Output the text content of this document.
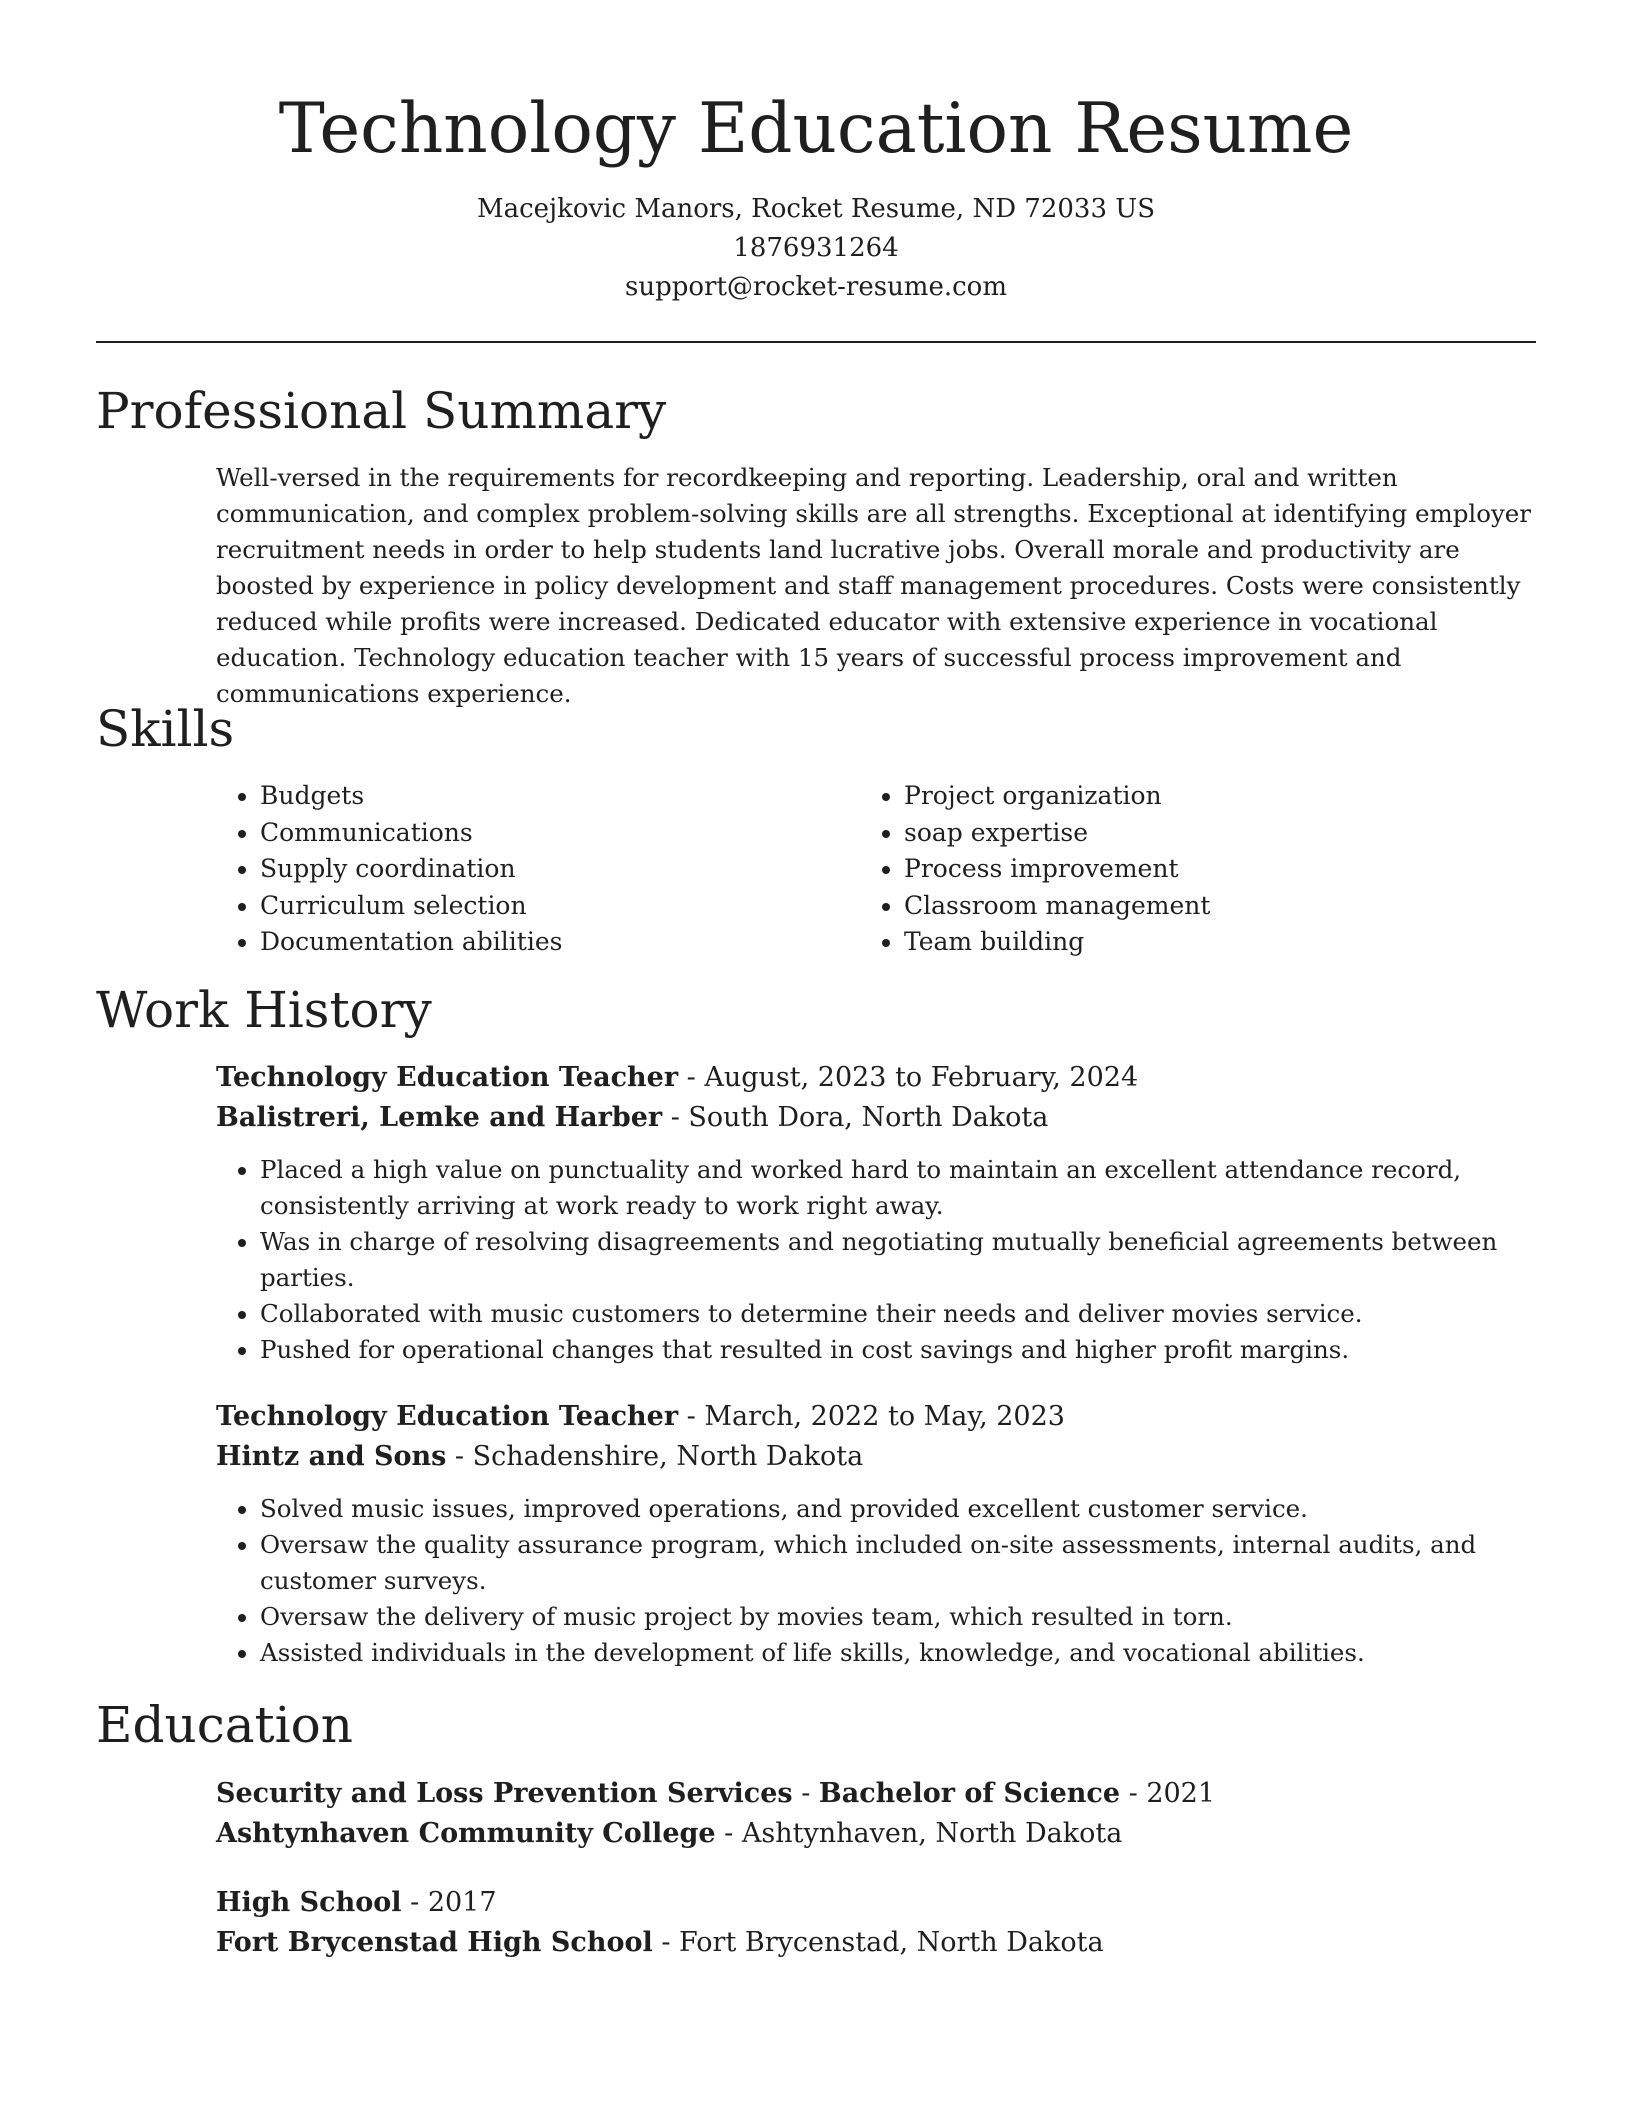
Technology Education Resume
Macejkovic Manors, Rocket Resume, ND 72033 US
1876931264
support@rocket-resume.com
Professional Summary

Well-versed in the requirements for recordkeeping and reporting. Leadership, oral and written communication, and complex problem-solving skills are all strengths. Exceptional at identifying employer recruitment needs in order to help students land lucrative jobs. Overall morale and productivity are boosted by experience in policy development and staff management procedures. Costs were consistently reduced while profits were increased. Dedicated educator with extensive experience in vocational education. Technology education teacher with 15 years of successful process improvement and communications experience.

Skills
• Budgets
• Communications
• Supply coordination
• Curriculum selection
• Documentation abilities
• Project organization
• soap expertise
• Process improvement
• Classroom management
• Team building
Work History
Technology Education Teacher - August, 2023 to February, 2024
Balistreri, Lemke and Harber - South Dora, North Dakota
• Placed a high value on punctuality and worked hard to maintain an excellent attendance record, consistently arriving at work ready to work right away.
• Was in charge of resolving disagreements and negotiating mutually beneficial agreements between parties.
• Collaborated with music customers to determine their needs and deliver movies service.
• Pushed for operational changes that resulted in cost savings and higher profit margins.
Technology Education Teacher - March, 2022 to May, 2023
Hintz and Sons - Schadenshire, North Dakota
• Solved music issues, improved operations, and provided excellent customer service.
• Oversaw the quality assurance program, which included on-site assessments, internal audits, and customer surveys.
• Oversaw the delivery of music project by movies team, which resulted in torn.
• Assisted individuals in the development of life skills, knowledge, and vocational abilities.
Education
Security and Loss Prevention Services - Bachelor of Science - 2021
Ashtynhaven Community College - Ashtynhaven, North Dakota
High School - 2017
Fort Brycenstad High School - Fort Brycenstad, North Dakota
